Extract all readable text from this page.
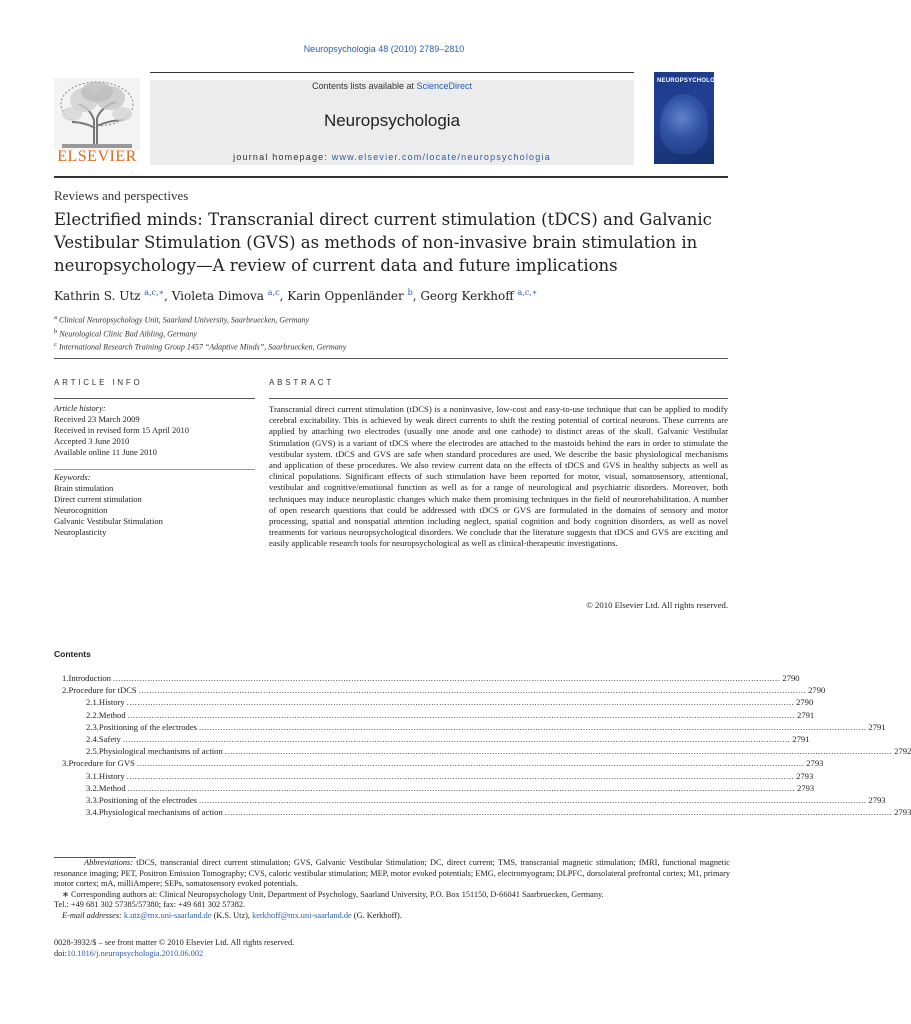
Neuropsychologia 48 (2010) 2789–2810
ELSEVIER
Contents lists available at ScienceDirect
Neuropsychologia
journal homepage: www.elsevier.com/locate/neuropsychologia
NEUROPSYCHOLOGIA
Reviews and perspectives
Electrified minds: Transcranial direct current stimulation (tDCS) and Galvanic
Vestibular Stimulation (GVS) as methods of non-invasive brain stimulation in
neuropsychology—A review of current data and future implications
Kathrin S. Utz $^{a,c,∗}$, Violeta Dimova $^{a,c}$, Karin Oppenländer $^b$, Georg Kerkhoff $^{a,c,∗}$
$^a$ Clinical Neuropsychology Unit, Saarland University, Saarbruecken, Germany
$^b$ Neurological Clinic Bad Aibling, Germany
$^c$ International Research Training Group 1457 “Adaptive Minds”, Saarbruecken, Germany
ARTICLE INFO
Article history:
Received 23 March 2009
Received in revised form 15 April 2010
Accepted 3 June 2010
Available online 11 June 2010
Keywords:
Brain stimulation
Direct current stimulation
Neurocognition
Galvanic Vestibular Stimulation
Neuroplasticity
ABSTRACT
Transcranial direct current stimulation (tDCS) is a noninvasive, low-cost and easy-to-use technique that can be applied to modify cerebral excitability. This is achieved by weak direct currents to shift the resting potential of cortical neurons. These currents are applied by attaching two electrodes (usually one anode and one cathode) to distinct areas of the skull. Galvanic Vestibular Stimulation (GVS) is a variant of tDCS where the electrodes are attached to the mastoids behind the ears in order to stimulate the vestibular system. tDCS and GVS are safe when standard procedures are used. We describe the basic physiological mechanisms and application of these procedures. We also review current data on the effects of tDCS and GVS in healthy subjects as well as clinical populations. Significant effects of such stimulation have been reported for motor, visual, somatosensory, attentional, vestibular and cognitive/emotional function as well as for a range of neurological and psychiatric disorders. Moreover, both techniques may induce neuroplastic changes which make them promising techniques in the field of neurorehabilitation. A number of open research questions that could be addressed with tDCS or GVS are formulated in the domains of sensory and motor processing, spatial and nonspatial attention including neglect, spatial cognition and body cognition disorders, as well as novel treatments for various neuropsychological disorders. We conclude that the literature suggests that tDCS and GVS are exciting and easily applicable research tools for neuropsychological as well as clinical-therapeutic investigations.
© 2010 Elsevier Ltd. All rights reserved.
Contents
1. Introduction .....	2790
2. Procedure for tDCS .....	2790
2.1. History .....	2790
2.2. Method .....	2791
2.3. Positioning of the electrodes .....	2791
2.4. Safety .....	2791
2.5. Physiological mechanisms of action .....	2792
3. Procedure for GVS .....	2793
3.1. History .....	2793
3.2. Method .....	2793
3.3. Positioning of the electrodes .....	2793
3.4. Physiological mechanisms of action .....	2793
Abbreviations: tDCS, transcranial direct current stimulation; GVS, Galvanic Vestibular Stimulation; DC, direct current; TMS, transcranial magnetic stimulation; fMRI, functional magnetic resonance imaging; PET, Positron Emission Tomography; CVS, caloric vestibular stimulation; MEP, motor evoked potentials; EMG, electromyogram; DLPFC, dorsolateral prefrontal cortex; M1, primary motor cortex; mA, milliAmpere; SEPs, somatosensory evoked potentials.
∗ Corresponding authors at: Clinical Neuropsychology Unit, Department of Psychology, Saarland University, P.O. Box 151150, D-66041 Saarbruecken, Germany.
Tel.: +49 681 302 57385/57380; fax: +49 681 302 57382.
E-mail addresses: k.utz@mx.uni-saarland.de (K.S. Utz), kerkhoff@mx.uni-saarland.de (G. Kerkhoff).
0028-3932/$ – see front matter © 2010 Elsevier Ltd. All rights reserved.
doi:10.1016/j.neuropsychologia.2010.06.002
